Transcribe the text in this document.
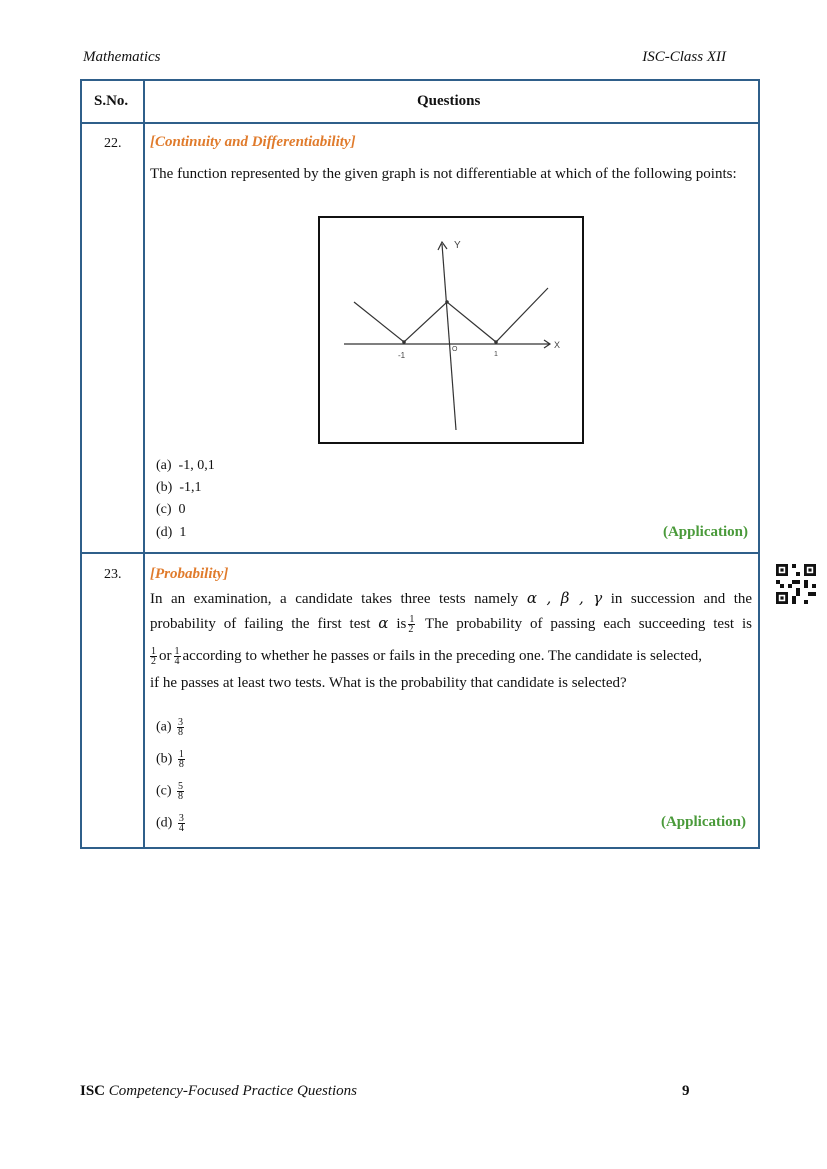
Mathematics	ISC-Class XII
S.No.	Questions
22. [Continuity and Differentiability]
The function represented by the given graph is not differentiable at which of the following points:
Y
X
-1
O
1
(a) -1, 0,1
(b) -1,1
(c) 0
(d) 1	(Application)
23. [Probability]
In an examination, a candidate takes three tests namely α , β , γ in succession and the
probability of failing the first test α is $\frac{1}{2}$ The probability of passing each succeeding test is
$\frac{1}{2}$ or $\frac{1}{4}$ according to whether he passes or fails in the preceding one. The candidate is selected,
if he passes at least two tests. What is the probability that candidate is selected?
$(a) \frac{3}{8}$
$(b) \frac{1}{8}$
$(c) \frac{5}{8}$
$(d) \frac{3}{4}$	(Application)
ISC Competency-Focused Practice Questions	9
